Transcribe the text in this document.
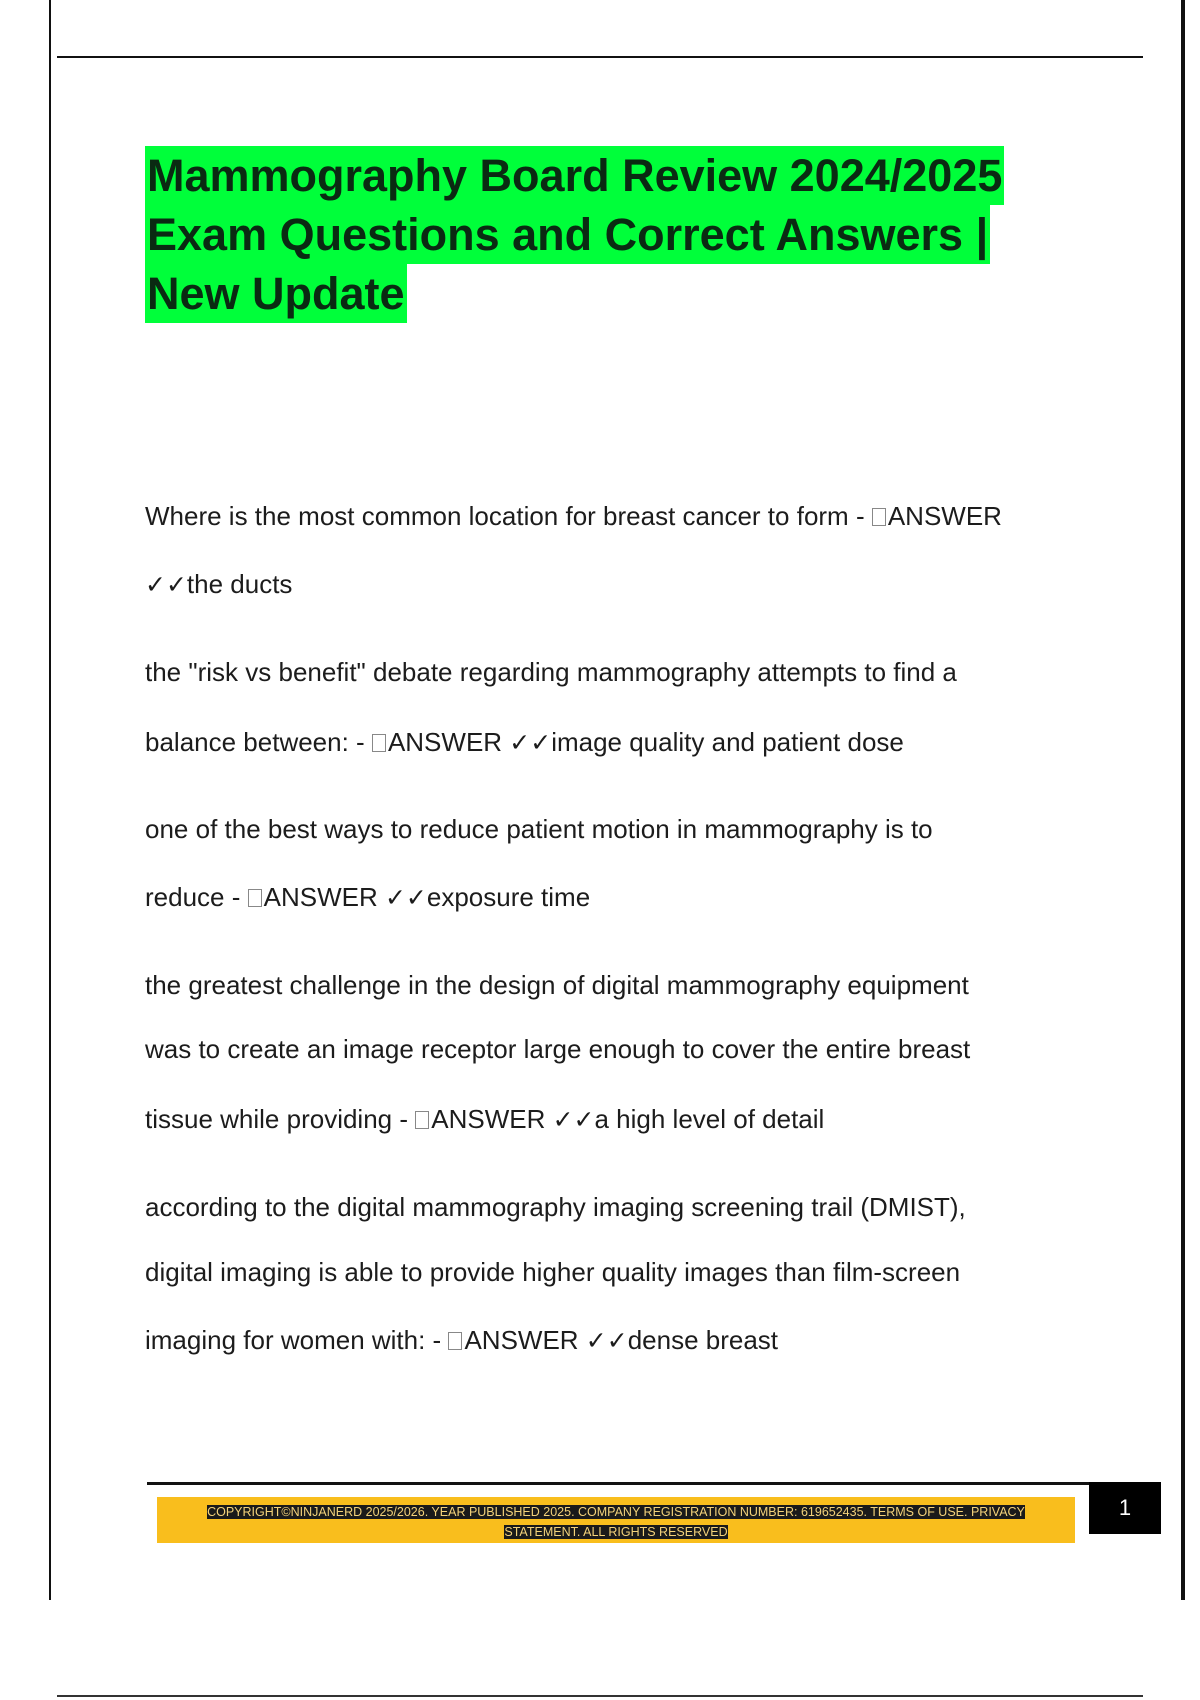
Mammography Board Review 2024/2025
Exam Questions and Correct Answers |
New Update
Where is the most common location for breast cancer to form - ANSWER
✓✓the ducts
the "risk vs benefit" debate regarding mammography attempts to find a
balance between: - ANSWER ✓✓image quality and patient dose
one of the best ways to reduce patient motion in mammography is to
reduce - ANSWER ✓✓exposure time
the greatest challenge in the design of digital mammography equipment
was to create an image receptor large enough to cover the entire breast
tissue while providing - ANSWER ✓✓a high level of detail
according to the digital mammography imaging screening trail (DMIST),
digital imaging is able to provide higher quality images than film-screen
imaging for women with: - ANSWER ✓✓dense breast
COPYRIGHT©NINJANERD 2025/2026. YEAR PUBLISHED 2025. COMPANY REGISTRATION NUMBER: 619652435. TERMS OF USE. PRIVACY
STATEMENT. ALL RIGHTS RESERVED
1
